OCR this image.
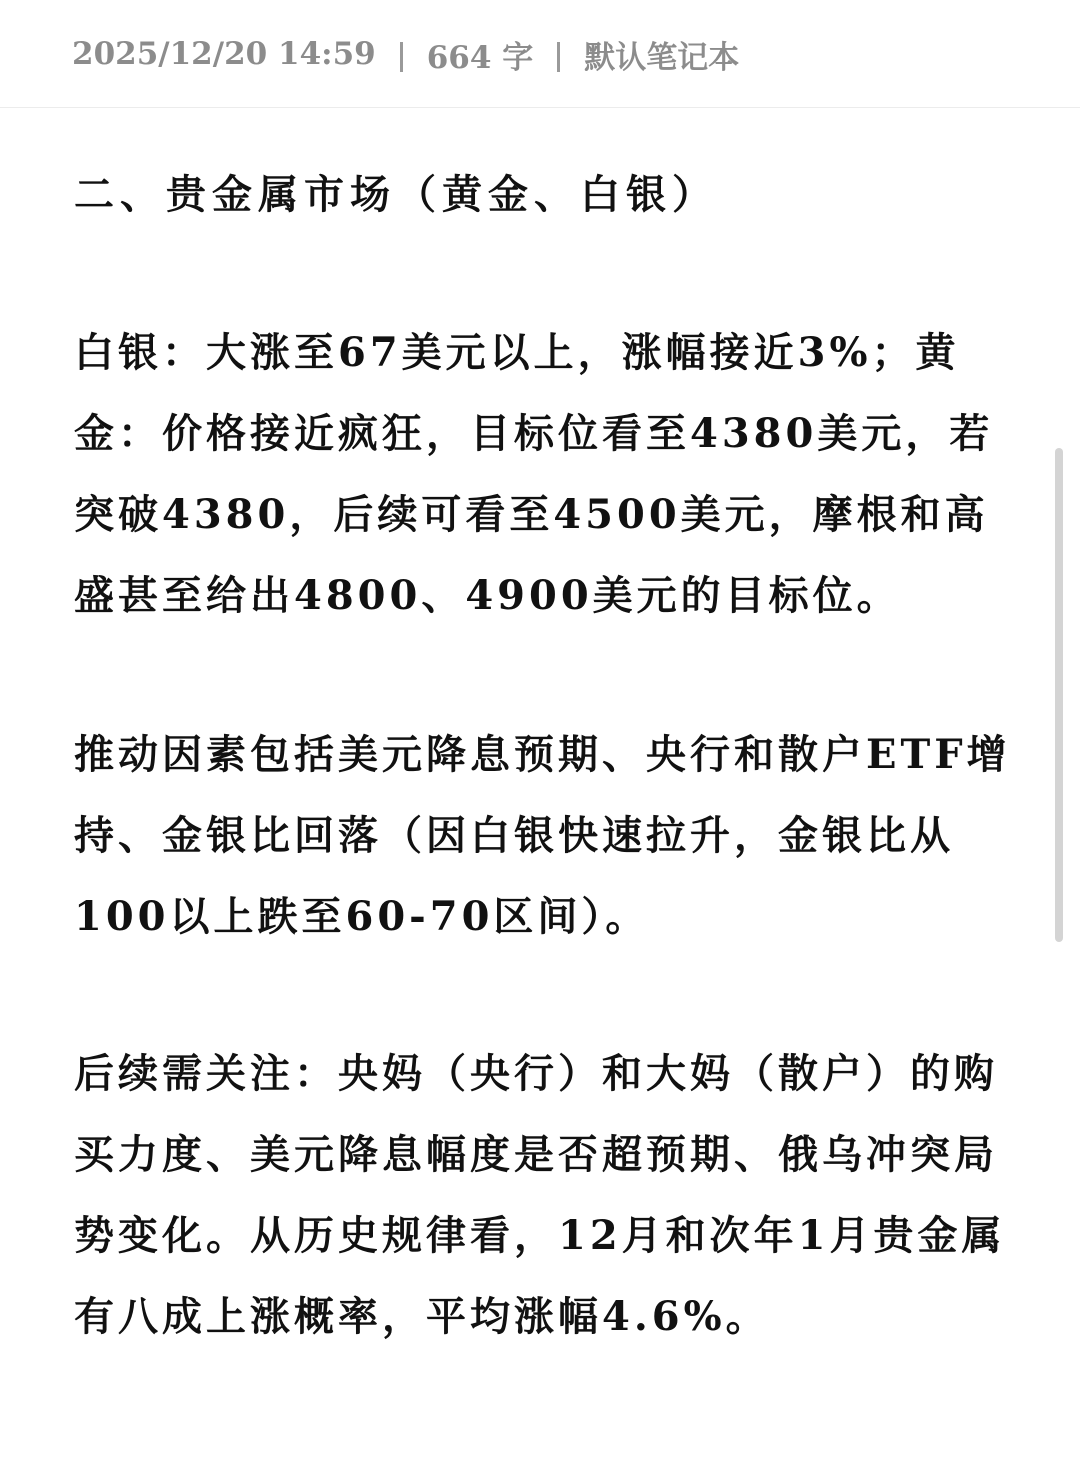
2025/12/20 14:59 664 字 默认笔记本

二、贵金属市场（黄金、白银）

白银：大涨至67美元以上，涨幅接近3%；黄金：价格接近疯狂，目标位看至4380美元，若突破4380，后续可看至4500美元，摩根和高盛甚至给出4800、4900美元的目标位。

推动因素包括美元降息预期、央行和散户ETF增持、金银比回落（因白银快速拉升，金银比从100以上跌至60-70区间）。

后续需关注：央妈（央行）和大妈（散户）的购买力度、美元降息幅度是否超预期、俄乌冲突局势变化。从历史规律看，12月和次年1月贵金属有八成上涨概率，平均涨幅4.6%。
